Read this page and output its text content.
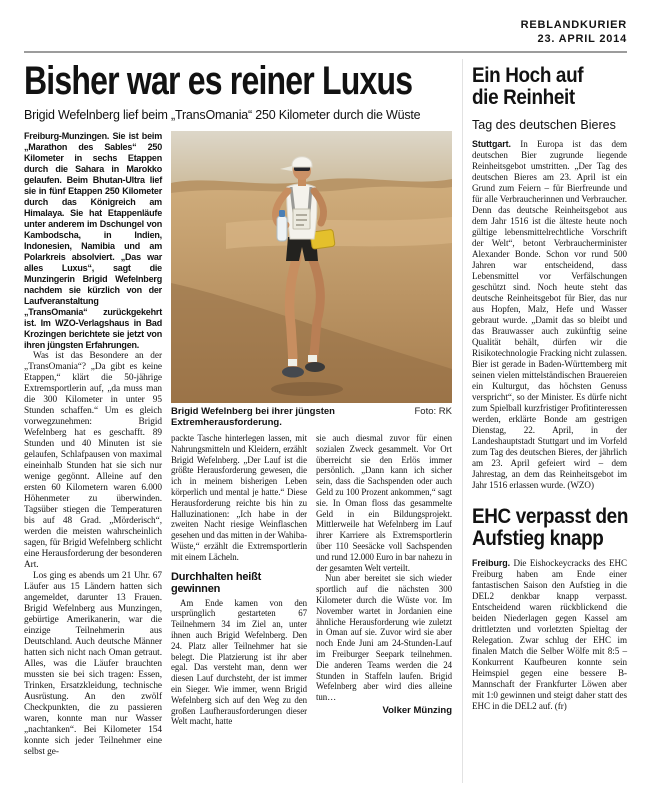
REBLANDKURIER
23. APRIL 2014
Bisher war es reiner Luxus

Brigid Wefelnberg lief beim „TransOmania“ 250 Kilometer durch die Wüste

Freiburg-Munzingen. Sie ist beim „Marathon des Sables“ 250 Kilometer in sechs Etappen durch die Sahara in Marokko gelaufen. Beim Bhutan-Ultra lief sie in fünf Etappen 250 Kilometer durch das Königreich am Himalaya. Sie hat Etappenläufe unter anderem im Dschungel von Kambodscha, in Indien, Indonesien, Namibia und am Polarkreis absolviert. „Das war alles Luxus“, sagt die Munzingerin Brigid Wefelnberg nachdem sie kürzlich von der Laufveranstaltung „TransOmania“ zurückgekehrt ist. Im WZO-Verlagshaus in Bad Krozingen berichtete sie jetzt von ihren jüngsten Erfahrungen.

Was ist das Besondere an der „TransOmania“? „Da gibt es keine Etappen,“ klärt die 50-jährige Extremsportlerin auf, „da muss man die 300 Kilometer in unter 95 Stunden schaffen.“ Um es gleich vorwegzunehmen: Brigid Wefelnberg hat es geschafft. 89 Stunden und 40 Minuten ist sie gelaufen, Schlafpausen von maximal eineinhalb Stunden hat sie sich nur wenige gegönnt. Alleine auf den ersten 60 Kilometern waren 6.000 Höhenmeter zu überwinden. Tagsüber stiegen die Temperaturen bis auf 48 Grad. „Mörderisch“, werden die meisten wahrscheinlich sagen, für Brigid Wefelnberg schlicht eine Herausforderung der besonderen Art.

Los ging es abends um 21 Uhr. 67 Läufer aus 15 Ländern hatten sich angemeldet, darunter 13 Frauen. Brigid Wefelnberg aus Munzingen, gebürtige Amerikanerin, war die einzige Teilnehmerin aus Deutschland. Auch deutsche Männer hatten sich nicht nach Oman getraut. Alles, was die Läufer brauchten mussten sie bei sich tragen: Essen, Trinken, Ersatzkleidung, technische Ausrüstung. An den zwölf Checkpunkten, die zu passieren waren, konnte man nur Wasser „nachtanken“. Bei Kilometer 154 konnte sich jeder Teilnehmer eine selbst ge-

Brigid Wefelnberg bei ihrer jüngsten Extremherausforderung.
Foto: RK

packte Tasche hinterlegen lassen, mit Nahrungsmitteln und Kleidern, erzählt Brigid Wefelnberg. „Der Lauf ist die größte Herausforderung gewesen, die ich in meinem bisherigen Leben körperlich und mental je hatte.“ Diese Herausforderung reichte bis hin zu Halluzinationen: „Ich habe in der zweiten Nacht riesige Weinflaschen gesehen und das mitten in der Wahiba-Wüste,“ erzählt die Extremsportlerin mit einem Lächeln.

Durchhalten heißt gewinnen

Am Ende kamen von den ursprünglich gestarteten 67 Teilnehmern 34 im Ziel an, unter ihnen auch Brigid Wefelnberg. Den 24. Platz aller Teilnehmer hat sie belegt. Die Platzierung ist ihr aber egal. Das versteht man, denn wer diesen Lauf durchsteht, der ist immer ein Sieger. Wie immer, wenn Brigid Wefelnberg sich auf den Weg zu den großen Laufherausforderungen dieser Welt macht, hatte

sie auch diesmal zuvor für einen sozialen Zweck gesammelt. Vor Ort überreicht sie den Erlös immer persönlich. „Dann kann ich sicher sein, dass die Sachspenden oder auch Geld zu 100 Prozent ankommen,“ sagt sie. In Oman floss das gesammelte Geld in ein Bildungsprojekt. Mittlerweile hat Wefelnberg im Lauf ihrer Karriere als Extremsportlerin über 110 Seesäcke voll Sachspenden und rund 12.000 Euro in bar nahezu in der gesamten Welt verteilt.

Nun aber bereitet sie sich wieder sportlich auf die nächsten 300 Kilometer durch die Wüste vor. Im November wartet in Jordanien eine ähnliche Herausforderung wie zuletzt in Oman auf sie. Zuvor wird sie aber noch Ende Juni am 24-Stunden-Lauf im Freiburger Seepark teilnehmen. Die anderen Teams werden die 24 Stunden in Staffeln laufen. Brigid Wefelnberg aber wird dies alleine tun…

Volker Münzing

Ein Hoch auf
die Reinheit

Tag des deutschen Bieres

Stuttgart. In Europa ist das dem deutschen Bier zugrunde liegende Reinheitsgebot umstritten. „Der Tag des deutschen Bieres am 23. April ist ein Grund zum Feiern – für Bierfreunde und für alle Verbraucherinnen und Verbraucher. Denn das deutsche Reinheitsgebot aus dem Jahr 1516 ist die älteste heute noch gültige lebensmittelrechtliche Vorschrift der Welt“, betont Verbraucherminister Alexander Bonde. Schon vor rund 500 Jahren war entscheidend, dass Lebensmittel vor Verfälschungen geschützt sind. Noch heute steht das deutsche Reinheitsgebot für Bier, das nur aus Hopfen, Malz, Hefe und Wasser gebraut wurde. „Damit das so bleibt und das Brauwasser auch zukünftig seine Qualität behält, dürfen wir die Risikotechnologie Fracking nicht zulassen. Bier ist gerade in Baden-Württemberg mit seinen vielen mittelständischen Brauereien ein Kulturgut, das höchsten Genuss verspricht“, so der Minister. Es dürfe nicht zum Spielball kurzfristiger Profitinteressen werden, erklärte Bonde am gestrigen Dienstag, 22. April, in der Landeshauptstadt Stuttgart und im Vorfeld zum Tag des deutschen Bieres, der jährlich am 23. April gefeiert wird – dem Jahrestag, an dem das Reinheitsgebot im Jahr 1516 erlassen wurde. (WZO)

EHC verpasst den
Aufstieg knapp

Freiburg. Die Eishockeycracks des EHC Freiburg haben am Ende einer fantastischen Saison den Aufstieg in die DEL2 denkbar knapp verpasst. Entscheidend waren rückblickend die beiden Niederlagen gegen Kassel am drittletzten und vorletzten Spieltag der Relegation. Zwar schlug der EHC im finalen Match die Selber Wölfe mit 8:5 – Konkurrent Kaufbeuren konnte sein Heimspiel gegen eine bessere B-Mannschaft der Frankfurter Löwen aber mit 1:0 gewinnen und steigt daher statt des EHC in die DEL2 auf. (fr)
